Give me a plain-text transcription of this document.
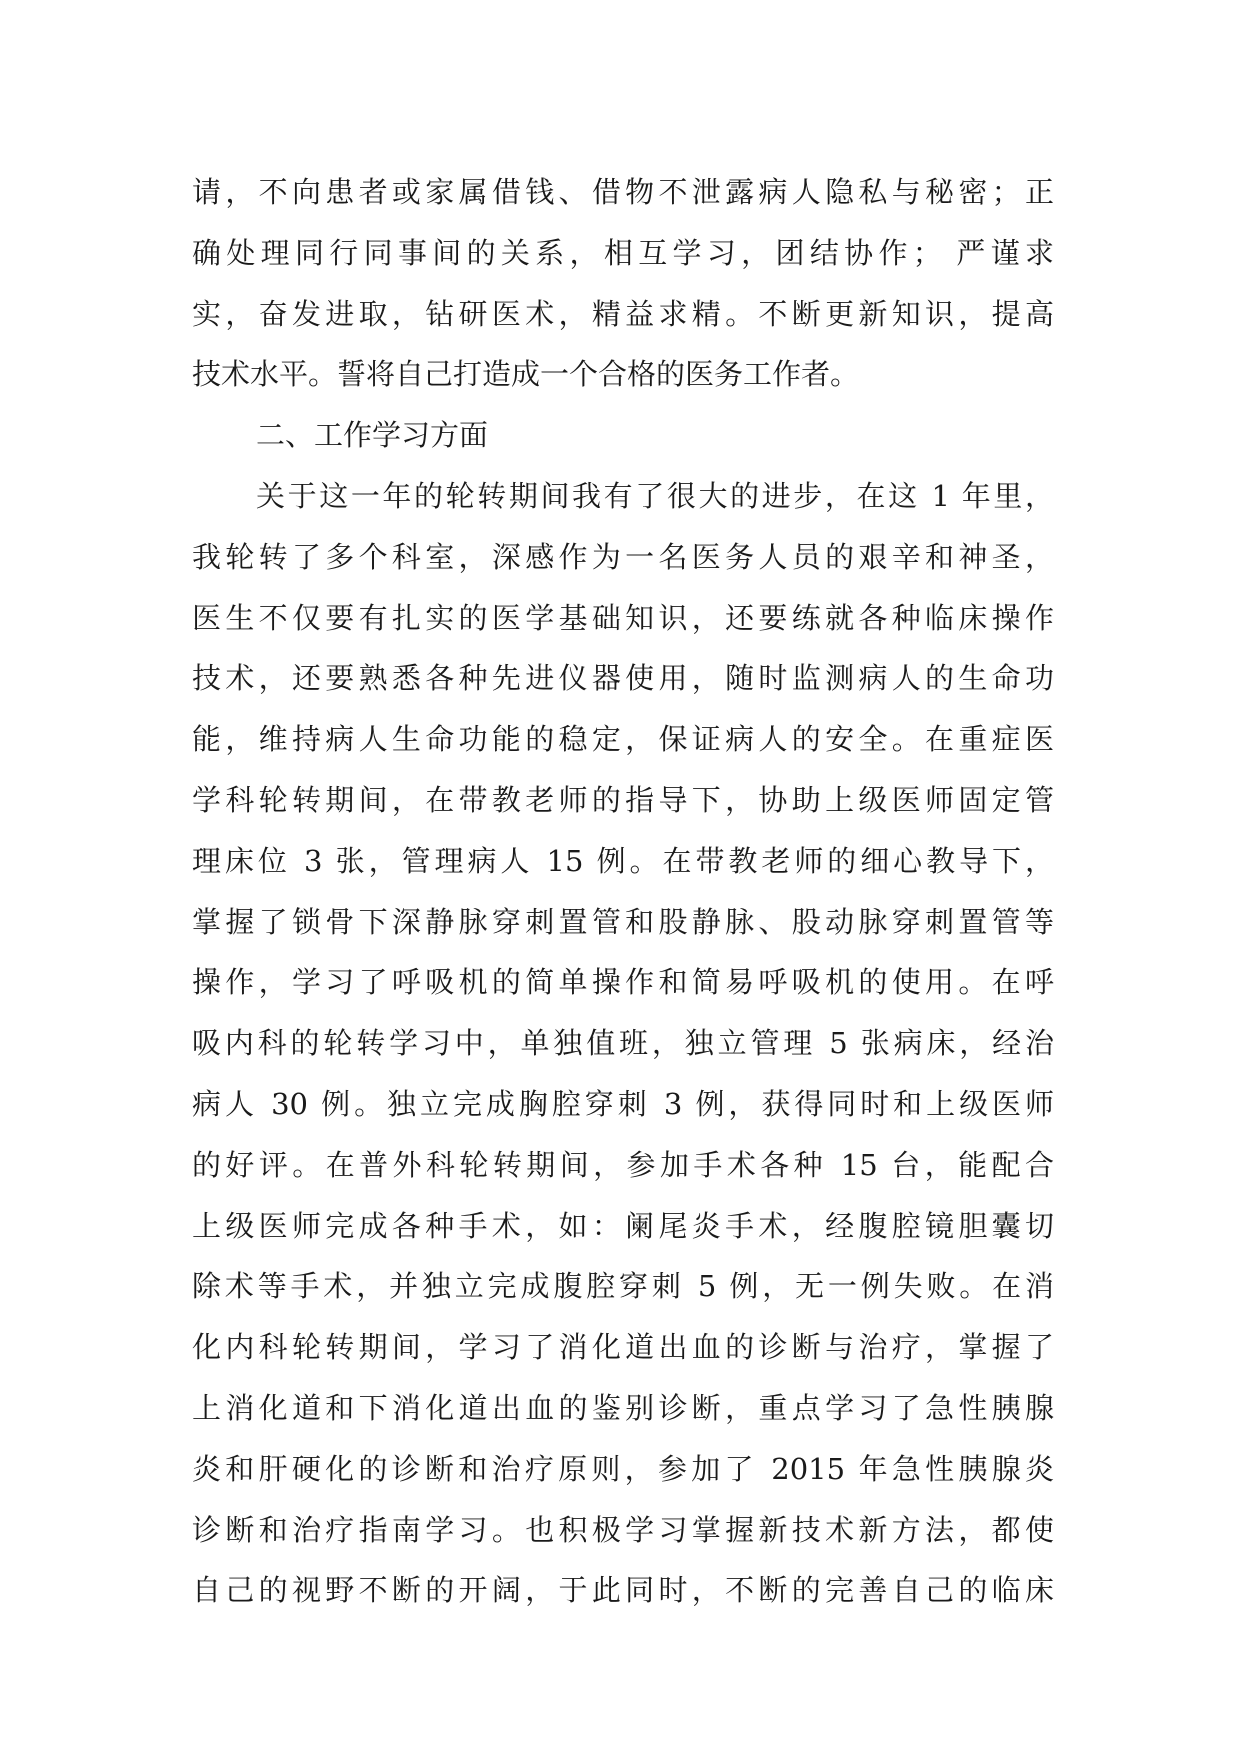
请，不向患者或家属借钱、借物不泄露病人隐私与秘密；正
确处理同行同事间的关系，相互学习，团结协作； 严谨求
实，奋发进取，钻研医术，精益求精。不断更新知识，提高
技术水平。誓将自己打造成一个合格的医务工作者。
二、工作学习方面
关于这一年的轮转期间我有了很大的进步，在这 1 年里，
我轮转了多个科室，深感作为一名医务人员的艰辛和神圣，
医生不仅要有扎实的医学基础知识，还要练就各种临床操作
技术，还要熟悉各种先进仪器使用，随时监测病人的生命功
能，维持病人生命功能的稳定，保证病人的安全。在重症医
学科轮转期间，在带教老师的指导下，协助上级医师固定管
理床位 3 张，管理病人 15 例。在带教老师的细心教导下，
掌握了锁骨下深静脉穿刺置管和股静脉、股动脉穿刺置管等
操作，学习了呼吸机的简单操作和简易呼吸机的使用。在呼
吸内科的轮转学习中，单独值班，独立管理 5 张病床，经治
病人 30 例。独立完成胸腔穿刺 3 例，获得同时和上级医师
的好评。在普外科轮转期间，参加手术各种 15 台，能配合
上级医师完成各种手术，如：阑尾炎手术，经腹腔镜胆囊切
除术等手术，并独立完成腹腔穿刺 5 例，无一例失败。在消
化内科轮转期间，学习了消化道出血的诊断与治疗，掌握了
上消化道和下消化道出血的鉴别诊断，重点学习了急性胰腺
炎和肝硬化的诊断和治疗原则，参加了 2015 年急性胰腺炎
诊断和治疗指南学习。也积极学习掌握新技术新方法，都使
自己的视野不断的开阔，于此同时，不断的完善自己的临床
